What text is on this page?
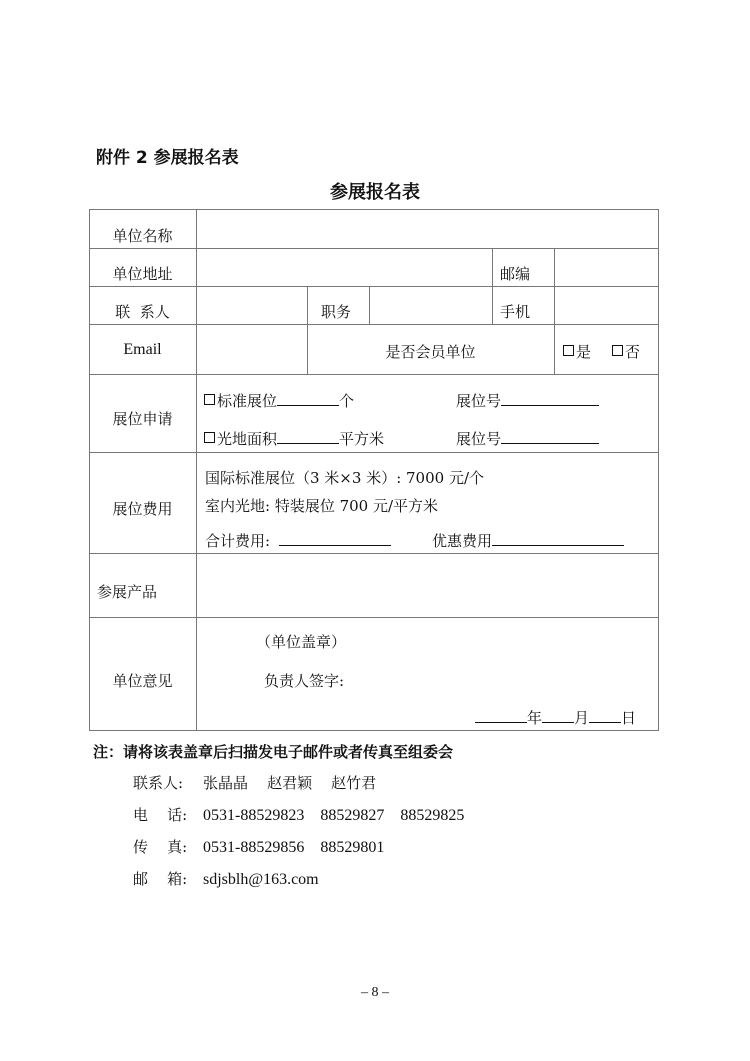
附件 2 参展报名表
参展报名表
单位名称
单位地址	邮编
联  系人	职务	手机
Email	是否会员单位	是	否
展位申请
标准展位	个	展位号
光地面积	平方米	展位号
展位费用
国际标准展位（3 米×3 米）: 7000 元/个
室内光地: 特装展位 700 元/平方米
合计费用:	优惠费用
参展产品
单位意见
（单位盖章）
负责人签字:
年 月 日
注：请将该表盖章后扫描发电子邮件或者传真至组委会
联系人: 张晶晶    赵君颖    赵竹君
电    话: 0531-88529823    88529827    88529825
传    真: 0531-88529856    88529801
邮    箱: sdjsblh@163.com
– 8 –
